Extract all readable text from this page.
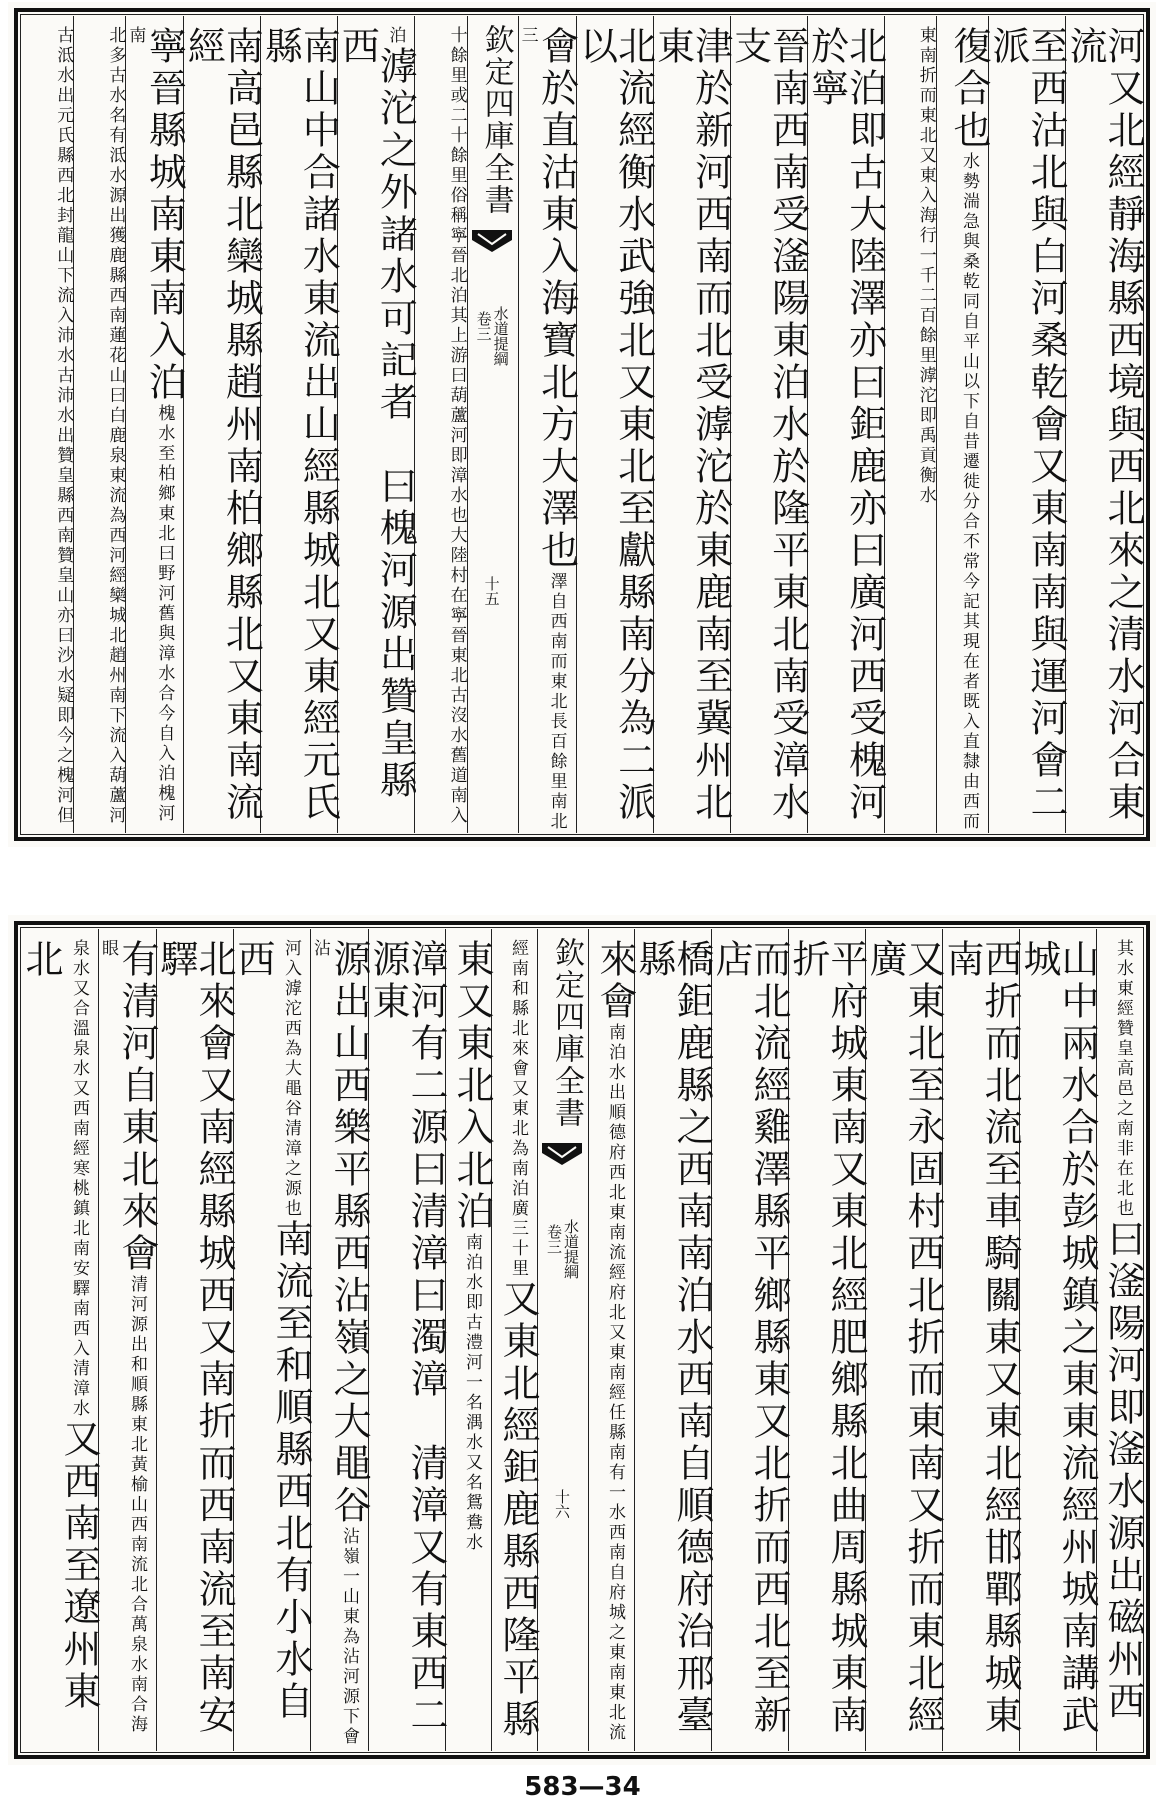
河又北經靜海縣西境與西北來之清水河合東流
至西沽北與白河桑乾會又東南南與運河會二派
復合也水勢湍急與桑乾同自平山以下自昔遷徙分合不常今記其現在者既入直隸由西而
東南折而東北又東入海行一千二百餘里滹沱即禹貢衡水
北泊即古大陸澤亦曰鉅鹿亦曰廣河西受槐河於寧
晉南西南受滏陽東泊水於隆平東北南受漳水支
津於新河西南而北受滹沱於東鹿南至冀州北東
北流經衡水武強北又東北至獻縣南分為二派以
會於直沽東入海寶北方大澤也澤自西南而東北長百餘里南北三
欽定四庫全書
水道提綱
卷三
十五
十餘里或二十餘里俗稱寧晉北泊其上游曰葫蘆河即漳水也大陸村在寧晉東北古沒水舊道南入
泊滹沱之外諸水可記者　曰槐河源出贊皇縣西
南山中合諸水東流出山經縣城北又東經元氏縣
南高邑縣北欒城縣趙州南柏鄉縣北又東南流經
寧晉縣城南東南入泊槐水至柏鄉東北曰野河舊與漳水合今自入泊槐河南
北多古水名有泜水源出獲鹿縣西南蓮花山曰白鹿泉東流為西河經欒城北趙州南下流入葫蘆河
古泜水出元氏縣西北封龍山下流入沛水古沛水出贊皇縣西南贊皇山亦曰沙水疑即今之槐河但
其水東經贊皇高邑之南非在北也曰滏陽河即滏水源出磁州西
山中兩水合於彭城鎮之東東流經州城南講武城
西折而北流至車騎關東又東北經邯鄲縣城東南
又東北至永固村西北折而東南又折而東北經廣
平府城東南又東北經肥鄉縣北曲周縣城東南折
而北流經雞澤縣平鄉縣東又北折而西北至新店
橋鉅鹿縣之西南南泊水西南自順德府治邢臺縣
來會南泊水出順德府西北東南流經府北又東南經任縣南有一水西南自府城之東南東北流
欽定四庫全書
水道提綱
卷三
十六
經南和縣北來會又東北為南泊廣三十里又東北經鉅鹿縣西隆平縣
東又東北入北泊南泊水即古澧河一名湡水又名鴛鴦水
漳河有二源曰清漳曰濁漳　清漳又有東西二源東
源出山西樂平縣西沾嶺之大黽谷沾嶺一山東為沾河源下會沾
河入滹沱西為大黽谷清漳之源也南流至和順縣西北有小水自西
北來會又南經縣城西又南折而西南流至南安驛
有清河自東北來會清河源出和順縣東北黃榆山西南流北合萬泉水南合海眼
泉水又合溫泉水又西南經寒桃鎮北南安驛南西入清漳水又西南至遼州東北
583—34
